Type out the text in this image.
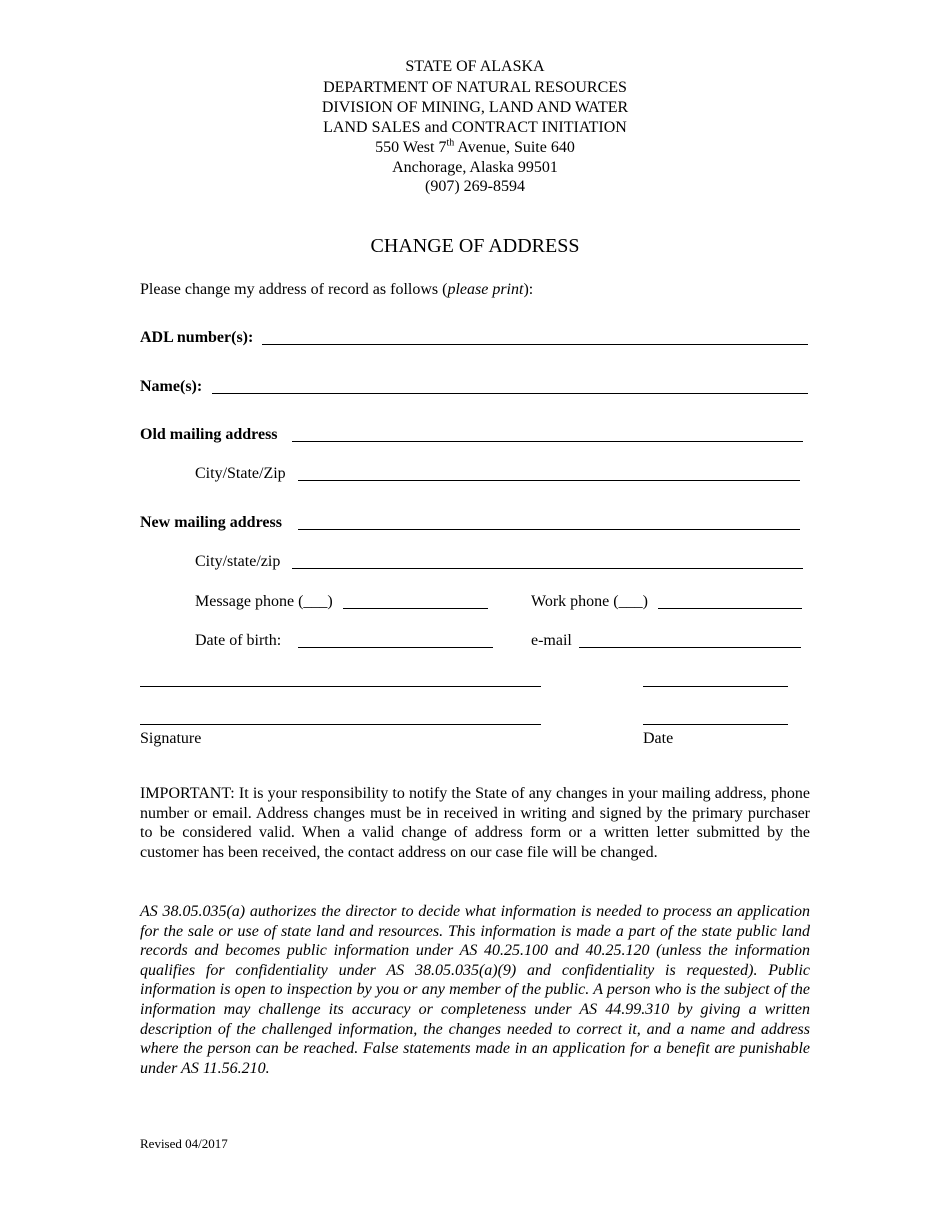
STATE OF ALASKA
DEPARTMENT OF NATURAL RESOURCES
DIVISION OF MINING, LAND AND WATER
LAND SALES and CONTRACT INITIATION
550 West 7th Avenue, Suite 640
Anchorage, Alaska 99501
(907) 269-8594
CHANGE OF ADDRESS
Please change my address of record as follows (please print):
ADL number(s):
Name(s):
Old mailing address
City/State/Zip
New mailing address
City/state/zip
Message phone (___)	Work phone (___)
Date of birth:	e-mail
Signature	Date
IMPORTANT: It is your responsibility to notify the State of any changes in your mailing address, phone number or email. Address changes must be in received in writing and signed by the primary purchaser to be considered valid. When a valid change of address form or a written letter submitted by the customer has been received, the contact address on our case file will be changed.
AS 38.05.035(a) authorizes the director to decide what information is needed to process an application for the sale or use of state land and resources. This information is made a part of the state public land records and becomes public information under AS 40.25.100 and 40.25.120 (unless the information qualifies for confidentiality under AS 38.05.035(a)(9) and confidentiality is requested). Public information is open to inspection by you or any member of the public. A person who is the subject of the information may challenge its accuracy or completeness under AS 44.99.310 by giving a written description of the challenged information, the changes needed to correct it, and a name and address where the person can be reached. False statements made in an application for a benefit are punishable under AS 11.56.210.
Revised 04/2017
